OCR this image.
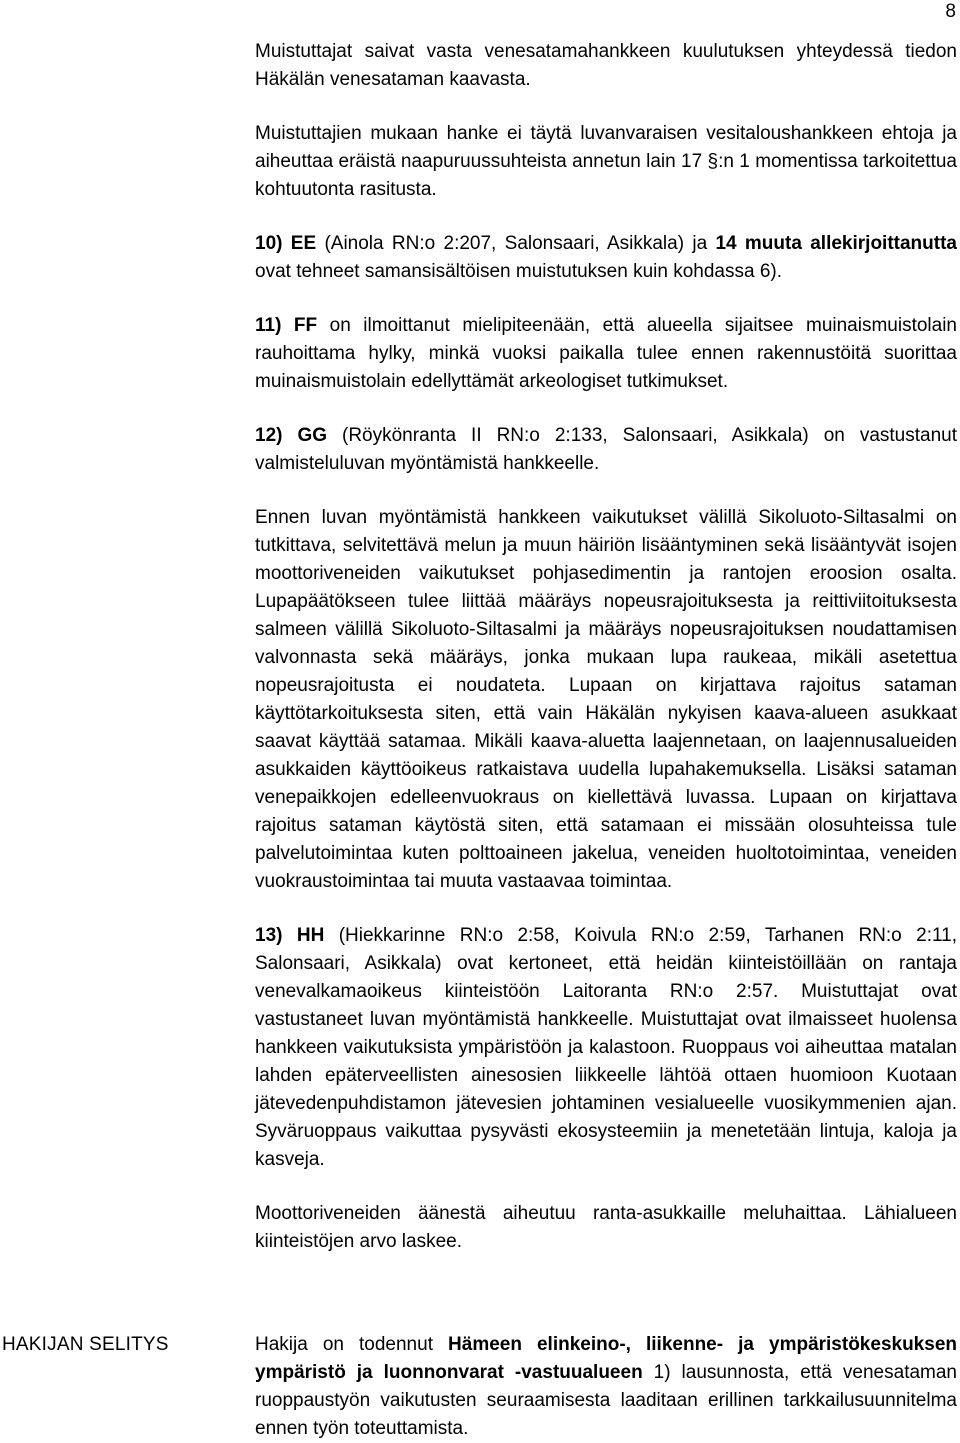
8

Muistuttajat saivat vasta venesatamahankkeen kuulutuksen yhteydessä tiedon Häkälän venesataman kaavasta.

Muistuttajien mukaan hanke ei täytä luvanvaraisen vesitaloushankkeen ehtoja ja aiheuttaa eräistä naapuruussuhteista annetun lain 17 §:n 1 momentissa tarkoitettua kohtuutonta rasitusta.

10) EE (Ainola RN:o 2:207, Salonsaari, Asikkala) ja 14 muuta allekirjoittanutta ovat tehneet samansisältöisen muistutuksen kuin kohdassa 6).

11) FF on ilmoittanut mielipiteenään, että alueella sijaitsee muinaismuistolain rauhoittama hylky, minkä vuoksi paikalla tulee ennen rakennustöitä suorittaa muinaismuistolain edellyttämät arkeologiset tutkimukset.

12) GG (Röykönranta II RN:o 2:133, Salonsaari, Asikkala) on vastustanut valmisteluluvan myöntämistä hankkeelle.

Ennen luvan myöntämistä hankkeen vaikutukset välillä Sikoluoto-Siltasalmi on tutkittava, selvitettävä melun ja muun häiriön lisääntyminen sekä lisääntyvät isojen moottoriveneiden vaikutukset pohjasedimentin ja rantojen eroosion osalta. Lupapäätökseen tulee liittää määräys nopeusrajoituksesta ja reittiviitoituksesta salmeen välillä Sikoluoto-Siltasalmi ja määräys nopeusrajoituksen noudattamisen valvonnasta sekä määräys, jonka mukaan lupa raukeaa, mikäli asetettua nopeusrajoitusta ei noudateta. Lupaan on kirjattava rajoitus sataman käyttötarkoituksesta siten, että vain Häkälän nykyisen kaava-alueen asukkaat saavat käyttää satamaa. Mikäli kaava-aluetta laajennetaan, on laajennusalueiden asukkaiden käyttöoikeus ratkaistava uudella lupahakemuksella. Lisäksi sataman venepaikkojen edelleenvuokraus on kiellettävä luvassa. Lupaan on kirjattava rajoitus sataman käytöstä siten, että satamaan ei missään olosuhteissa tule palvelutoimintaa kuten polttoaineen jakelua, veneiden huoltotoimintaa, veneiden vuokraustoimintaa tai muuta vastaavaa toimintaa.

13) HH (Hiekkarinne RN:o 2:58, Koivula RN:o 2:59, Tarhanen RN:o 2:11, Salonsaari, Asikkala) ovat kertoneet, että heidän kiinteistöillään on rantaja venevalkamaoikeus kiinteistöön Laitoranta RN:o 2:57. Muistuttajat ovat vastustaneet luvan myöntämistä hankkeelle. Muistuttajat ovat ilmaisseet huolensa hankkeen vaikutuksista ympäristöön ja kalastoon. Ruoppaus voi aiheuttaa matalan lahden epäterveellisten ainesosien liikkeelle lähtöä ottaen huomioon Kuotaan jätevedenpuhdistamon jätevesien johtaminen vesialueelle vuosikymmenien ajan. Syväruoppaus vaikuttaa pysyvästi ekosysteemiin ja menetetään lintuja, kaloja ja kasveja.

Moottoriveneiden äänestä aiheutuu ranta-asukkaille meluhaittaa. Lähialueen kiinteistöjen arvo laskee.

HAKIJAN SELITYS	Hakija on todennut Hämeen elinkeino-, liikenne- ja ympäristökeskuksen ympäristö ja luonnonvarat -vastuualueen 1) lausunnosta, että venesataman ruoppaustyön vaikutusten seuraamisesta laaditaan erillinen tarkkailusuunnitelma ennen työn toteuttamista.
